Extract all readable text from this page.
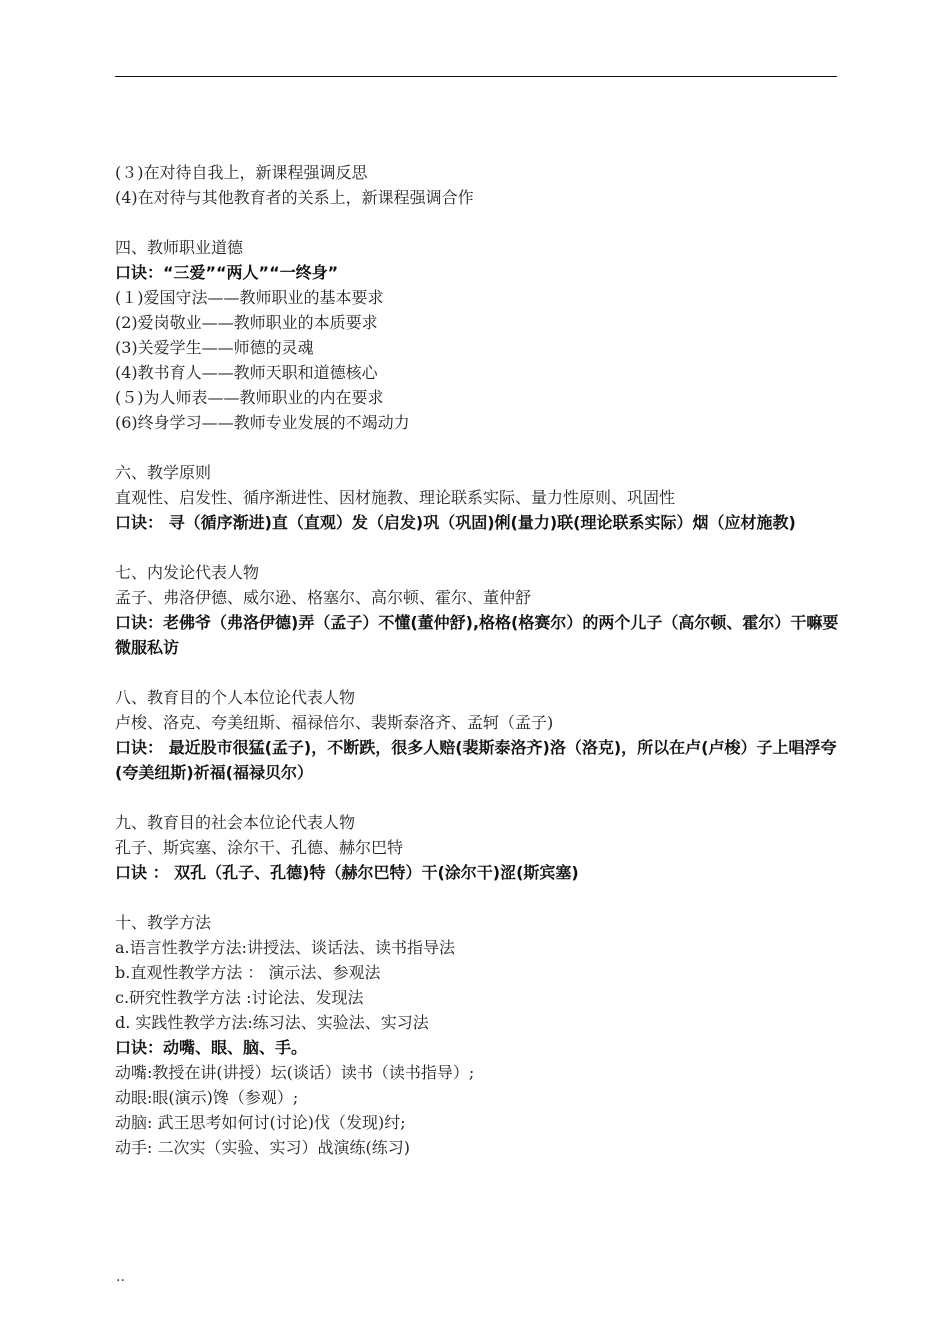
(３)在对待自我上，新课程强调反思
(4)在对待与其他教育者的关系上，新课程强调合作
四、教师职业道德
口诀：“三爱”“两人”“一终身”
(１)爱国守法——教师职业的基本要求
(2)爱岗敬业——教师职业的本质要求
(3)关爱学生——师德的灵魂
(4)教书育人——教师天职和道德核心
(５)为人师表——教师职业的内在要求
(6)终身学习——教师专业发展的不竭动力
六、教学原则
直观性、启发性、循序渐进性、因材施教、理论联系实际、量力性原则、巩固性
口诀： 寻（循序渐进)直（直观）发（启发)巩（巩固)俐(量力)联(理论联系实际）烟（应材施教)
七、内发论代表人物
孟子、弗洛伊德、威尔逊、格塞尔、高尔顿、霍尔、董仲舒
口诀：老佛爷（弗洛伊德)弄（孟子）不懂(董仲舒),格格(格赛尔）的两个儿子（高尔顿、霍尔）干嘛要微服私访
八、教育目的个人本位论代表人物
卢梭、洛克、夸美纽斯、福禄倍尔、裴斯泰洛齐、孟轲（孟子)
口诀： 最近股市很猛(孟子)，不断跌，很多人赔(裴斯泰洛齐)洛（洛克)，所以在卢(卢梭）子上唱浮夸(夸美纽斯)祈福(福禄贝尔）
九、教育目的社会本位论代表人物
孔子、斯宾塞、涂尔干、孔德、赫尔巴特
口诀 ： 双孔（孔子、孔德)特（赫尔巴特）干(涂尔干)涩(斯宾塞)
十、教学方法
a.语言性教学方法:讲授法、谈话法、读书指导法
b.直观性教学方法 ： 演示法、参观法
c.研究性教学方法 :讨论法、发现法
d. 实践性教学方法:练习法、实验法、实习法
口诀：动嘴、眼、脑、手。
动嘴:教授在讲(讲授）坛(谈话）读书（读书指导）;
动眼:眼(演示)馋（参观）;
动脑: 武王思考如何讨(讨论)伐（发现)纣;
动手: 二次实（实验、实习）战演练(练习)
..
